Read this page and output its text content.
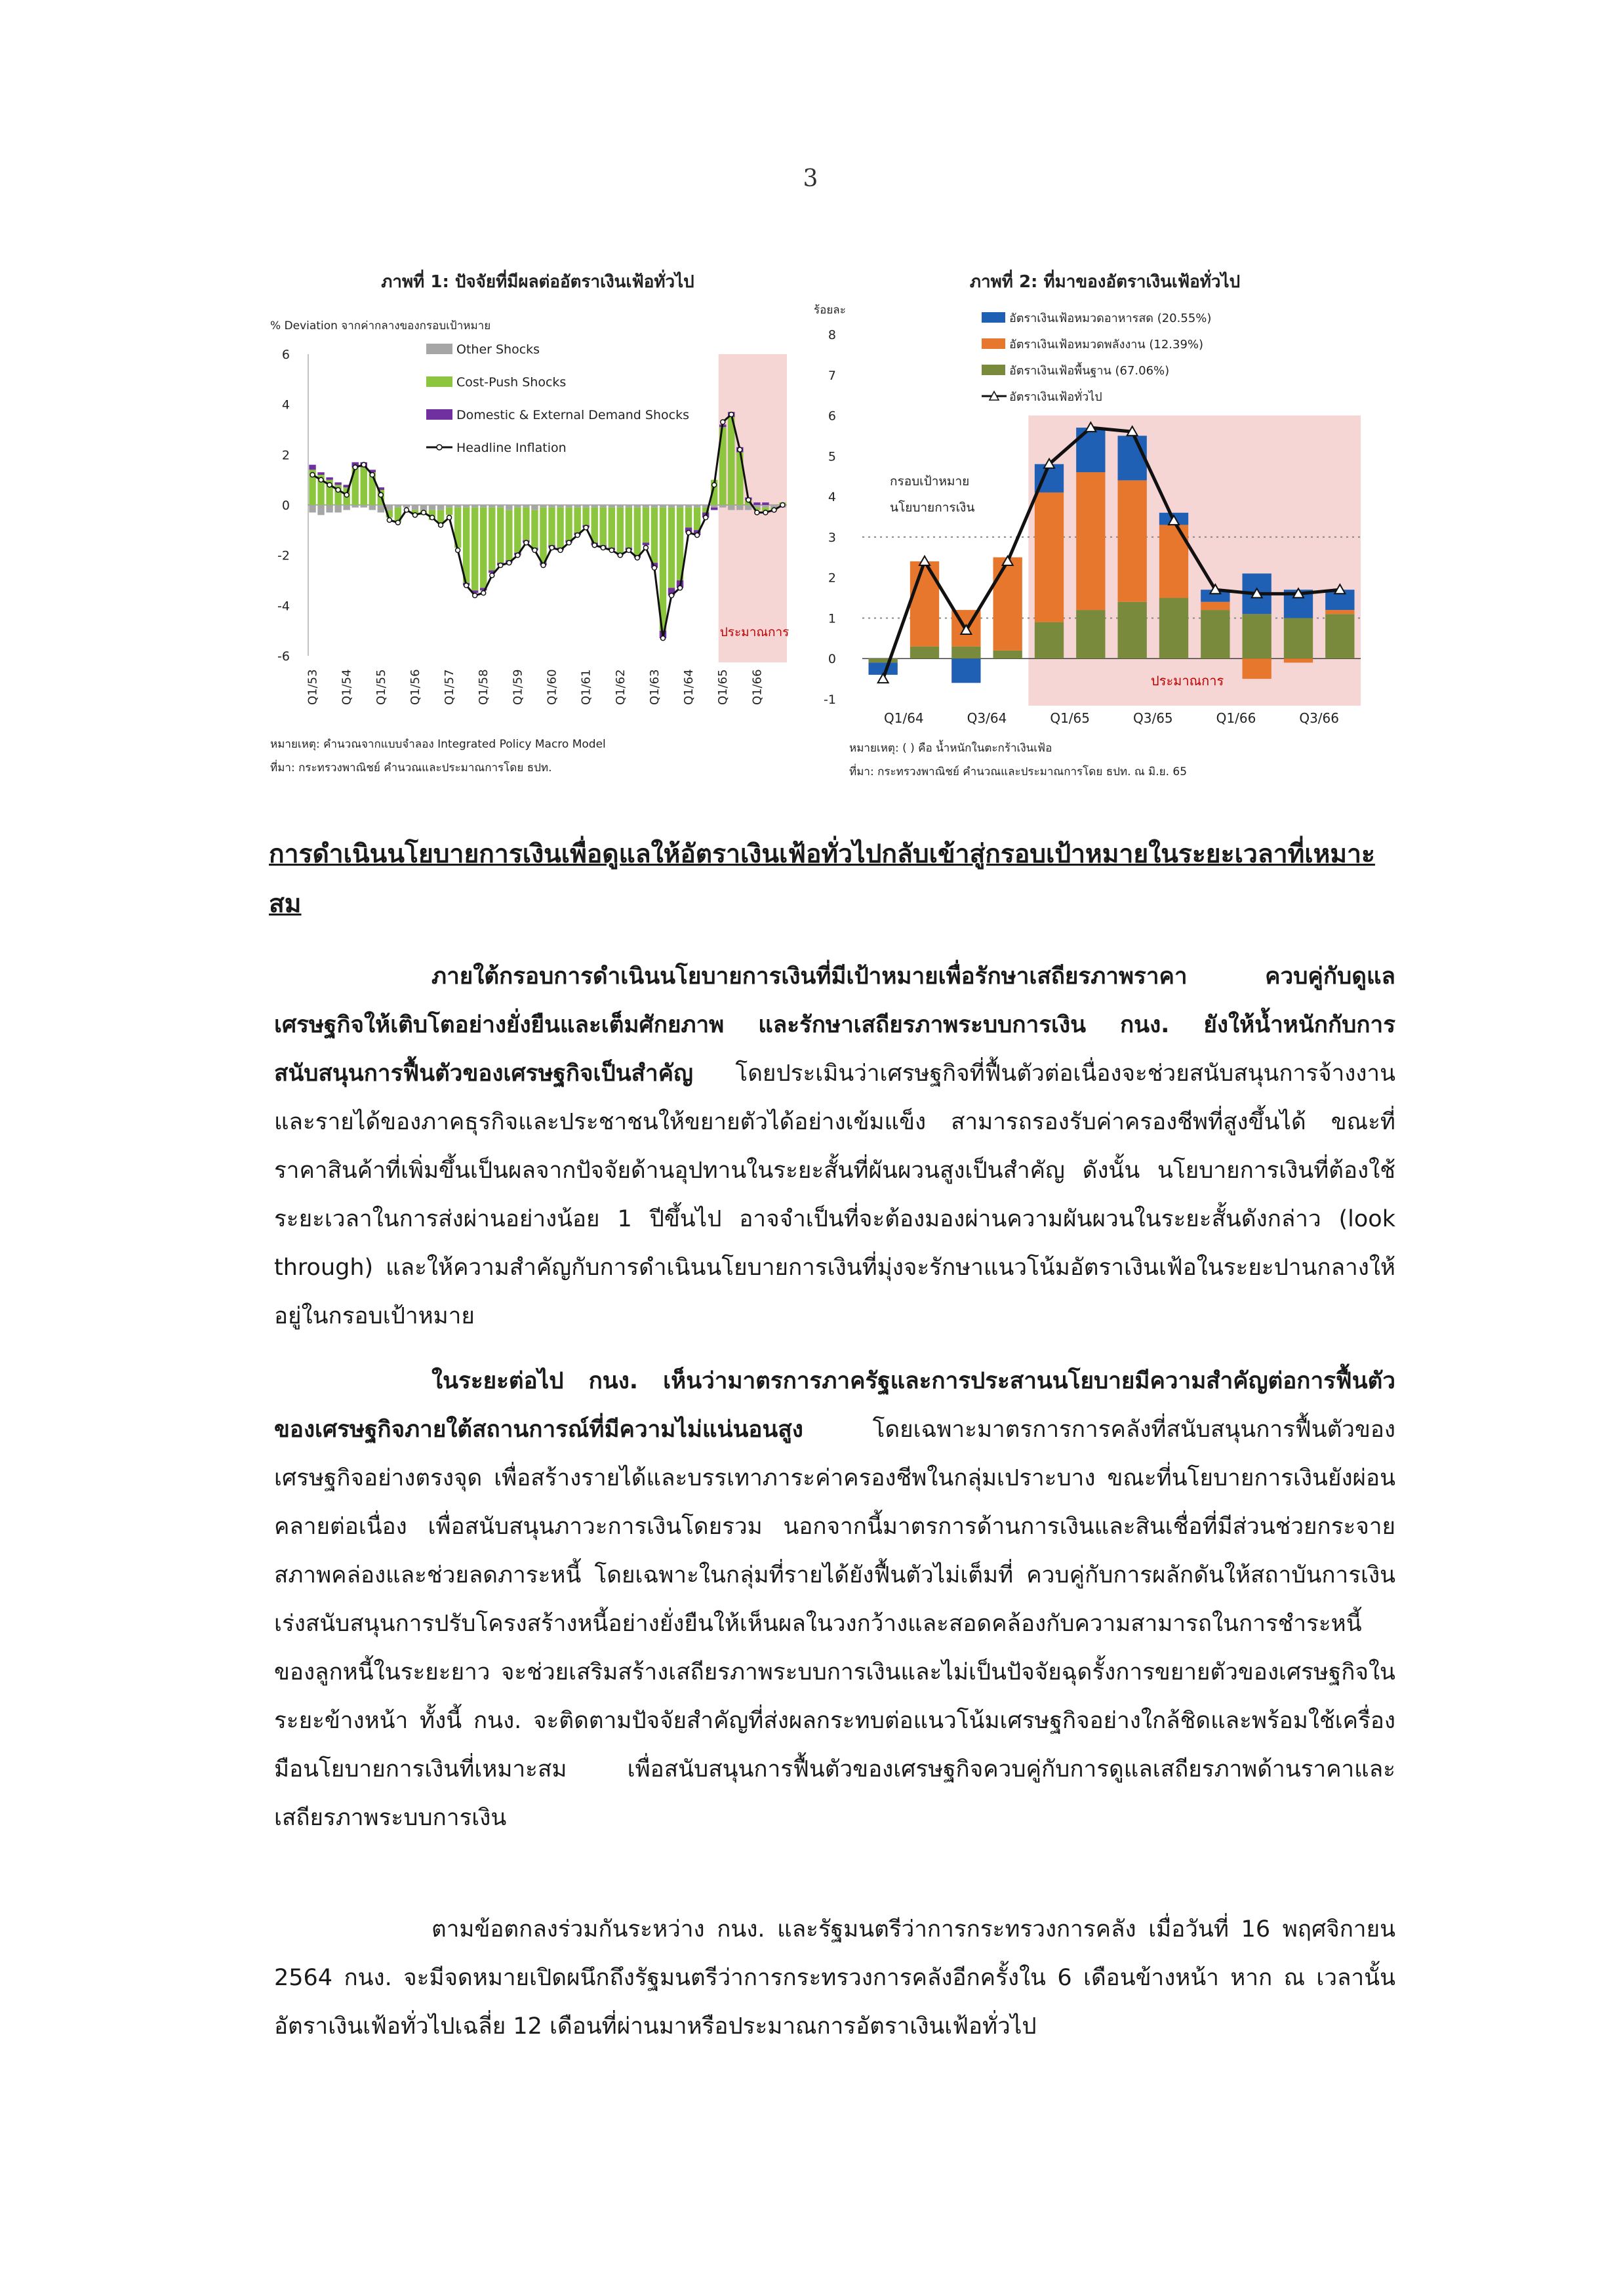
3
ภาพที่ 1: ปัจจัยที่มีผลต่ออัตราเงินเฟ้อทั่วไป
% Deviation จากค่ากลางของกรอบเป้าหมาย
ประมาณการ
6
4
2
0
-2
-4
-6
Q1/53 Q1/54 Q1/55 Q1/56 Q1/57 Q1/58 Q1/59 Q1/60 Q1/61 Q1/62 Q1/63 Q1/64 Q1/65 Q1/66
Other Shocks
Cost-Push Shocks
Domestic & External Demand Shocks
Headline Inflation
หมายเหตุ: คำนวณจากแบบจำลอง Integrated Policy Macro Model
ที่มา: กระทรวงพาณิชย์ คำนวณและประมาณการโดย ธปท.
ภาพที่ 2: ที่มาของอัตราเงินเฟ้อทั่วไป
ร้อยละ
ประมาณการ
กรอบเป้าหมาย
นโยบายการเงิน
8
7
6
5
4
3
2
1
0
-1
Q1/64	Q3/64	Q1/65	Q3/65	Q1/66	Q3/66
อัตราเงินเฟ้อหมวดอาหารสด (20.55%)
อัตราเงินเฟ้อหมวดพลังงาน (12.39%)
อัตราเงินเฟ้อพื้นฐาน (67.06%)
อัตราเงินเฟ้อทั่วไป
หมายเหตุ: ( ) คือ น้ำหนักในตะกร้าเงินเฟ้อ
ที่มา: กระทรวงพาณิชย์ คำนวณและประมาณการโดย ธปท. ณ มิ.ย. 65
การดำเนินนโยบายการเงินเพื่อดูแลให้อัตราเงินเฟ้อทั่วไปกลับเข้าสู่กรอบเป้าหมายในระยะเวลาที่เหมาะสม

ภายใต้กรอบการดำเนินนโยบายการเงินที่มีเป้าหมายเพื่อรักษาเสถียรภาพราคา ควบคู่กับดูแลเศรษฐกิจให้เติบโตอย่างยั่งยืนและเต็มศักยภาพ และรักษาเสถียรภาพระบบการเงิน กนง. ยังให้น้ำหนักกับการสนับสนุนการฟื้นตัวของเศรษฐกิจเป็นสำคัญ โดยประเมินว่าเศรษฐกิจที่ฟื้นตัวต่อเนื่องจะช่วยสนับสนุนการจ้างงานและรายได้ของภาคธุรกิจและประชาชนให้ขยายตัวได้อย่างเข้มแข็ง สามารถรองรับค่าครองชีพที่สูงขึ้นได้ ขณะที่ราคาสินค้าที่เพิ่มขึ้นเป็นผลจากปัจจัยด้านอุปทานในระยะสั้นที่ผันผวนสูงเป็นสำคัญ ดังนั้น นโยบายการเงินที่ต้องใช้ระยะเวลาในการส่งผ่านอย่างน้อย 1 ปีขึ้นไป อาจจำเป็นที่จะต้องมองผ่านความผันผวนในระยะสั้นดังกล่าว (look through) และให้ความสำคัญกับการดำเนินนโยบายการเงินที่มุ่งจะรักษาแนวโน้มอัตราเงินเฟ้อในระยะปานกลางให้อยู่ในกรอบเป้าหมาย

ในระยะต่อไป กนง. เห็นว่ามาตรการภาครัฐและการประสานนโยบายมีความสำคัญต่อการฟื้นตัวของเศรษฐกิจภายใต้สถานการณ์ที่มีความไม่แน่นอนสูง โดยเฉพาะมาตรการการคลังที่สนับสนุนการฟื้นตัวของเศรษฐกิจอย่างตรงจุด เพื่อสร้างรายได้และบรรเทาภาระค่าครองชีพในกลุ่มเปราะบาง ขณะที่นโยบายการเงินยังผ่อนคลายต่อเนื่อง เพื่อสนับสนุนภาวะการเงินโดยรวม นอกจากนี้มาตรการด้านการเงินและสินเชื่อที่มีส่วนช่วยกระจายสภาพคล่องและช่วยลดภาระหนี้ โดยเฉพาะในกลุ่มที่รายได้ยังฟื้นตัวไม่เต็มที่ ควบคู่กับการผลักดันให้สถาบันการเงินเร่งสนับสนุนการปรับโครงสร้างหนี้อย่างยั่งยืนให้เห็นผลในวงกว้างและสอดคล้องกับความสามารถในการชำระหนี้ของลูกหนี้ในระยะยาว จะช่วยเสริมสร้างเสถียรภาพระบบการเงินและไม่เป็นปัจจัยฉุดรั้งการขยายตัวของเศรษฐกิจในระยะข้างหน้า ทั้งนี้ กนง. จะติดตามปัจจัยสำคัญที่ส่งผลกระทบต่อแนวโน้มเศรษฐกิจอย่างใกล้ชิดและพร้อมใช้เครื่องมือนโยบายการเงินที่เหมาะสม เพื่อสนับสนุนการฟื้นตัวของเศรษฐกิจควบคู่กับการดูแลเสถียรภาพด้านราคาและเสถียรภาพระบบการเงิน

ตามข้อตกลงร่วมกันระหว่าง กนง. และรัฐมนตรีว่าการกระทรวงการคลัง เมื่อวันที่ 16 พฤศจิกายน 2564 กนง. จะมีจดหมายเปิดผนึกถึงรัฐมนตรีว่าการกระทรวงการคลังอีกครั้งใน 6 เดือนข้างหน้า หาก ณ เวลานั้นอัตราเงินเฟ้อทั่วไปเฉลี่ย 12 เดือนที่ผ่านมาหรือประมาณการอัตราเงินเฟ้อทั่วไป
